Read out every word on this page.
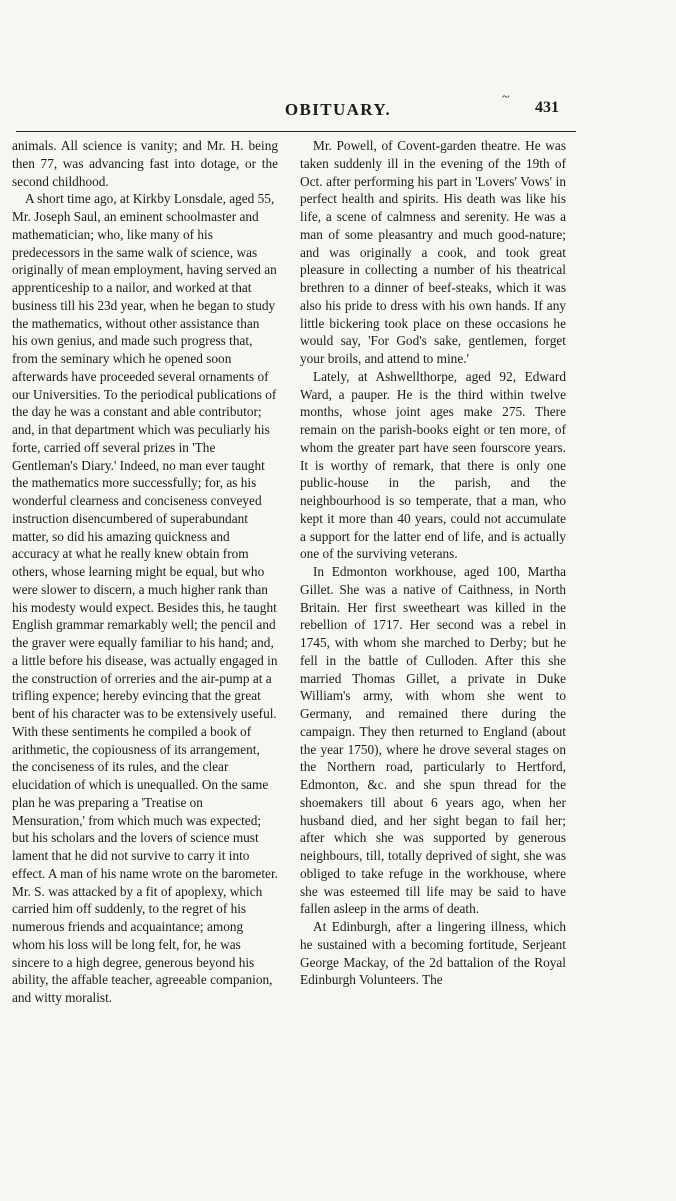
~
OBITUARY.	431

animals. All science is vanity; and Mr. H. being then 77, was advancing fast into dotage, or the second childhood.

A short time ago, at Kirkby Lonsdale, aged 55, Mr. Joseph Saul, an eminent schoolmaster and mathematician; who, like many of his predecessors in the same walk of science, was originally of mean employment, having served an apprenticeship to a nailor, and worked at that business till his 23d year, when he began to study the mathematics, without other assistance than his own genius, and made such progress that, from the seminary which he opened soon afterwards have proceeded several ornaments of our Universities. To the periodical publications of the day he was a constant and able contributor; and, in that department which was peculiarly his forte, carried off several prizes in 'The Gentleman's Diary.' Indeed, no man ever taught the mathematics more successfully; for, as his wonderful clearness and conciseness conveyed instruction disencumbered of superabundant matter, so did his amazing quickness and accuracy at what he really knew obtain from others, whose learning might be equal, but who were slower to discern, a much higher rank than his modesty would expect. Besides this, he taught English grammar remarkably well; the pencil and the graver were equally familiar to his hand; and, a little before his disease, was actually engaged in the construction of orreries and the air-pump at a trifling expence; hereby evincing that the great bent of his character was to be extensively useful. With these sentiments he compiled a book of arithmetic, the copiousness of its arrangement, the conciseness of its rules, and the clear elucidation of which is unequalled. On the same plan he was preparing a 'Treatise on Mensuration,' from which much was expected; but his scholars and the lovers of science must lament that he did not survive to carry it into effect. A man of his name wrote on the barometer. Mr. S. was attacked by a fit of apoplexy, which carried him off suddenly, to the regret of his numerous friends and acquaintance; among whom his loss will be long felt, for, he was sincere to a high degree, generous beyond his ability, the affable teacher, agreeable companion, and witty moralist.

Mr. Powell, of Covent-garden theatre. He was taken suddenly ill in the evening of the 19th of Oct. after performing his part in 'Lovers' Vows' in perfect health and spirits. His death was like his life, a scene of calmness and serenity. He was a man of some pleasantry and much good-nature; and was originally a cook, and took great pleasure in collecting a number of his theatrical brethren to a dinner of beef-steaks, which it was also his pride to dress with his own hands. If any little bickering took place on these occasions he would say, 'For God's sake, gentlemen, forget your broils, and attend to mine.'

Lately, at Ashwellthorpe, aged 92, Edward Ward, a pauper. He is the third within twelve months, whose joint ages make 275. There remain on the parish-books eight or ten more, of whom the greater part have seen fourscore years. It is worthy of remark, that there is only one public-house in the parish, and the neighbourhood is so temperate, that a man, who kept it more than 40 years, could not accumulate a support for the latter end of life, and is actually one of the surviving veterans.

In Edmonton workhouse, aged 100, Martha Gillet. She was a native of Caithness, in North Britain. Her first sweetheart was killed in the rebellion of 1717. Her second was a rebel in 1745, with whom she marched to Derby; but he fell in the battle of Culloden. After this she married Thomas Gillet, a private in Duke William's army, with whom she went to Germany, and remained there during the campaign. They then returned to England (about the year 1750), where he drove several stages on the Northern road, particularly to Hertford, Edmonton, &c. and she spun thread for the shoemakers till about 6 years ago, when her husband died, and her sight began to fail her; after which she was supported by generous neighbours, till, totally deprived of sight, she was obliged to take refuge in the workhouse, where she was esteemed till life may be said to have fallen asleep in the arms of death.

At Edinburgh, after a lingering illness, which he sustained with a becoming fortitude, Serjeant George Mackay, of the 2d battalion of the Royal Edinburgh Volunteers. The
